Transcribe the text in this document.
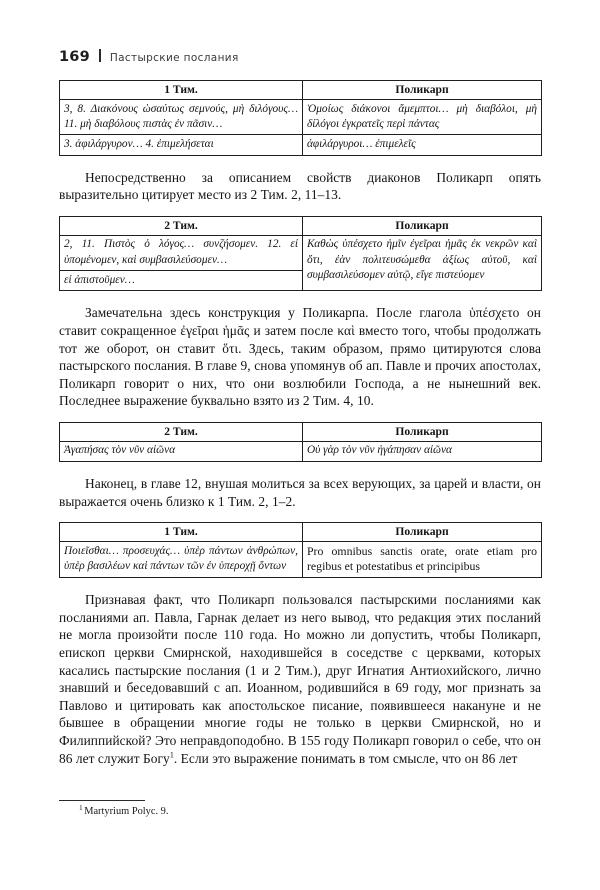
169 Пастырские послания
1 Тим.	Поликарп

3, 8. Διακόνους ὡσαύτως σεμνούς, μὴ διλόγους… 11. μὴ διαβόλους πιστὰς ἐν πᾶσιν…	Ὁμοίως διάκονοι ἄμεμπτοι… μὴ διαβόλοι, μὴ δίλόγοι ἐγκρατεῖς περὶ πάντας

3. ἀφιλάργυρον… 4. ἐπιμελήσεται	ἀφιλάργυροι… ἐπιμελεῖς

Непосредственно за описанием свойств диаконов Поликарп опять выразительно цитирует место из 2 Тим. 2, 11–13.

2 Тим.	Поликарп

2, 11. Πιστὸς ὁ λόγος… συνζήσομεν. 12. εἰ ὑπομένομεν, καὶ συμβασιλεύσομεν…	Καθὼς ὑπέσχετο ἡμῖν ἐγεῖραι ἡμᾶς ἐκ νεκρῶν καὶ ὅτι, ἐὰν πολιτευσώμεθα ἀξίως αὐτοῦ, καὶ συμβασιλεύσομεν αὐτῷ, εἴγε πιστεύομεν

εἰ ἀπιστοῦμεν…	

Замечательна здесь конструкция у Поликарпа. После глагола ὑπέσχετο он ставит сокращенное ἐγεῖραι ἡμᾶς и затем после καὶ вместо того, чтобы продолжать тот же оборот, он ставит ὅτι. Здесь, таким образом, прямо цитируются слова пастырского послания. В главе 9, снова упомянув об ап. Павле и прочих апостолах, Поликарп говорит о них, что они возлюбили Господа, а не нынешний век. Последнее выражение буквально взято из 2 Тим. 4, 10.

2 Тим.	Поликарп

Ἀγαπήσας τὸν νῦν αἰῶνα	Οὐ γὰρ τὸν νῦν ἠγάπησαν αἰῶνα

Наконец, в главе 12, внушая молиться за всех верующих, за царей и власти, он выражается очень близко к 1 Тим. 2, 1–2.

1 Тим.	Поликарп

Ποιεῖσθαι… προσευχάς… ὑπὲρ πάντων ἀνθρώπων, ὑπὲρ βασιλέων καὶ πάντων τῶν ἐν ὑπεροχῇ ὄντων	Pro omnibus sanctis orate, orate etiam pro regibus et potestatibus et principibus

Признавая факт, что Поликарп пользовался пастырскими посланиями как посланиями ап. Павла, Гарнак делает из него вывод, что редакция этих посланий не могла произойти после 110 года. Но можно ли допустить, чтобы Поликарп, епископ церкви Смирнской, находившейся в соседстве с церквами, которых касались пастырские послания (1 и 2 Тим.), друг Игнатия Антиохийского, лично знавший и беседовавший с ап. Иоанном, родившийся в 69 году, мог признать за Павлово и цитировать как апостольское писание, появившееся накануне и не бывшее в обращении многие годы не только в церкви Смирнской, но и Филиппийской? Это неправдоподобно. В 155 году Поликарп говорил о себе, что он 86 лет служит Богу$^1$. Если это выражение понимать в том смысле, что он 86 лет

$^1$ Martyrium Polyc. 9.
